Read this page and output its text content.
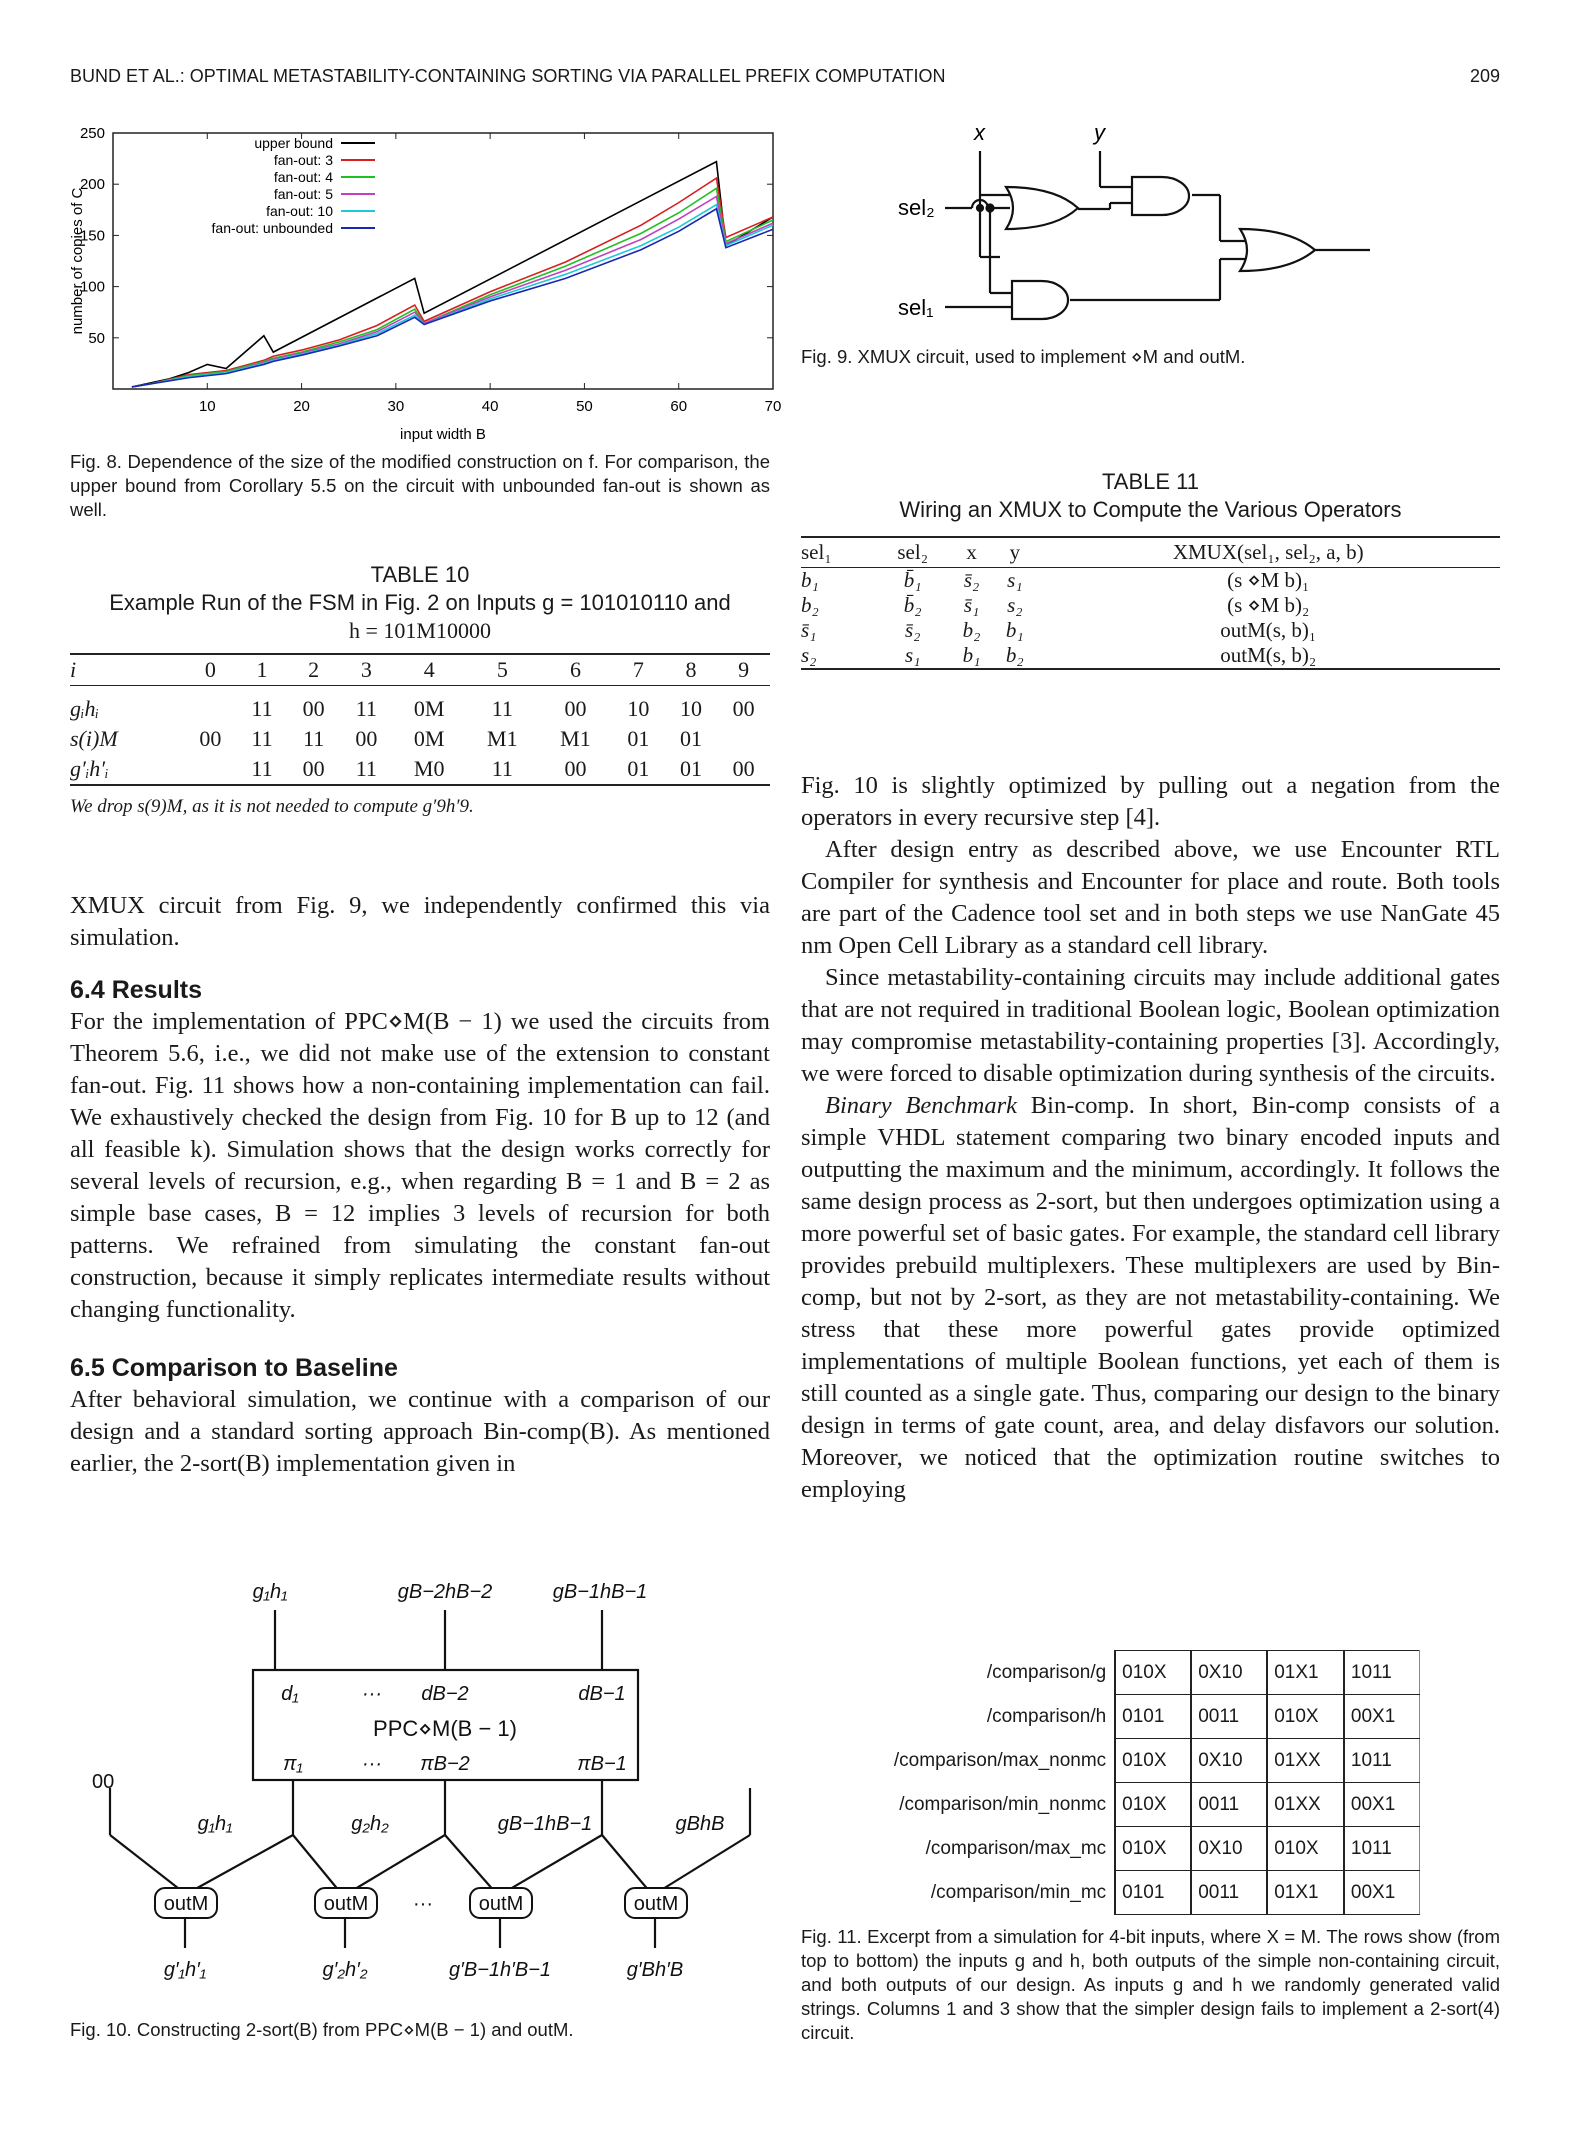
BUND ET AL.: OPTIMAL METASTABILITY-CONTAINING SORTING VIA PARALLEL PREFIX COMPUTATION	209
10	20	30	40	50	60	70
50
100
150
200
250
input width B
number of copies of C
upper bound
fan-out: 3
fan-out: 4
fan-out: 5
fan-out: 10
fan-out: unbounded
Fig. 8. Dependence of the size of the modified construction on f. For comparison, the upper bound from Corollary 5.5 on the circuit with unbounded fan-out is shown as well.
TABLE 10
Example Run of the FSM in Fig. 2 on Inputs g = 101010110 and
h = 101M10000
i	0	1	2	3	4	5	6	7	8	9
gᵢhᵢ		11	00	11	0M	11	00	10	10	00
s(i)M	00	11	11	00	0M	M1	M1	01	01	
g′ᵢh′ᵢ		11	00	11	M0	11	00	01	01	00
We drop s(9)M, as it is not needed to compute g′9h′9.

XMUX circuit from Fig. 9, we independently confirmed this via simulation.

6.4 Results

For the implementation of PPC⋄M(B − 1) we used the circuits from Theorem 5.6, i.e., we did not make use of the extension to constant fan-out. Fig. 11 shows how a non-containing implementation can fail. We exhaustively checked the design from Fig. 10 for B up to 12 (and all feasible k). Simulation shows that the design works correctly for several levels of recursion, e.g., when regarding B = 1 and B = 2 as simple base cases, B = 12 implies 3 levels of recursion for both patterns. We refrained from simulating the constant fan-out construction, because it simply replicates intermediate results without changing functionality.

6.5 Comparison to Baseline

After behavioral simulation, we continue with a comparison of our design and a standard sorting approach Bin-comp(B). As mentioned earlier, the 2-sort(B) implementation given in

x	y
sel₂
sel₁
Fig. 9. XMUX circuit, used to implement ⋄M and outM.
TABLE 11
Wiring an XMUX to Compute the Various Operators
sel₁	sel₂	x	y	XMUX(sel₁, sel₂, a, b)
b₁	b̄₁	s̄₂	s₁	(s ⋄M b)₁
b₂	b̄₂	s̄₁	s₂	(s ⋄M b)₂
s̄₁	s̄₂	b₂	b₁	outM(s, b)₁
s₂	s₁	b₁	b₂	outM(s, b)₂

Fig. 10 is slightly optimized by pulling out a negation from the operators in every recursive step [4].

After design entry as described above, we use Encounter RTL Compiler for synthesis and Encounter for place and route. Both tools are part of the Cadence tool set and in both steps we use NanGate 45 nm Open Cell Library as a standard cell library.

Since metastability-containing circuits may include additional gates that are not required in traditional Boolean logic, Boolean optimization may compromise metastability-containing properties [3]. Accordingly, we were forced to disable optimization during synthesis of the circuits.

Binary Benchmark Bin-comp. In short, Bin-comp consists of a simple VHDL statement comparing two binary encoded inputs and outputting the maximum and the minimum, accordingly. It follows the same design process as 2-sort, but then undergoes optimization using a more powerful set of basic gates. For example, the standard cell library provides prebuild multiplexers. These multiplexers are used by Bin-comp, but not by 2-sort, as they are not metastability-containing. We stress that these more powerful gates provide optimized implementations of multiple Boolean functions, yet each of them is still counted as a single gate. Thus, comparing our design to the binary design in terms of gate count, area, and delay disfavors our solution. Moreover, we noticed that the optimization routine switches to employing

g₁h₁	gB−2hB−2	gB−1hB−1
d₁	··· dB−2	dB−1
PPC⋄M(B − 1)
π₁	··· πB−2	πB−1
00
g₁h₁	g₂h₂	gB−1hB−1	gBhB
outM	outM	outM	outM
···
g′₁h′₁	g′₂h′₂	g′B−1h′B−1	g′Bh′B
Fig. 10. Constructing 2-sort(B) from PPC⋄M(B − 1) and outM.
/comparison/g	010X	0X10	01X1	1011
/comparison/h	0101	0011	010X	00X1
/comparison/max_nonmc	010X	0X10	01XX	1011
/comparison/min_nonmc	010X	0011	01XX	00X1
/comparison/max_mc	010X	0X10	010X	1011
/comparison/min_mc	0101	0011	01X1	00X1
Fig. 11. Excerpt from a simulation for 4-bit inputs, where X = M. The rows show (from top to bottom) the inputs g and h, both outputs of the simple non-containing circuit, and both outputs of our design. As inputs g and h we randomly generated valid strings. Columns 1 and 3 show that the simpler design fails to implement a 2-sort(4) circuit.
